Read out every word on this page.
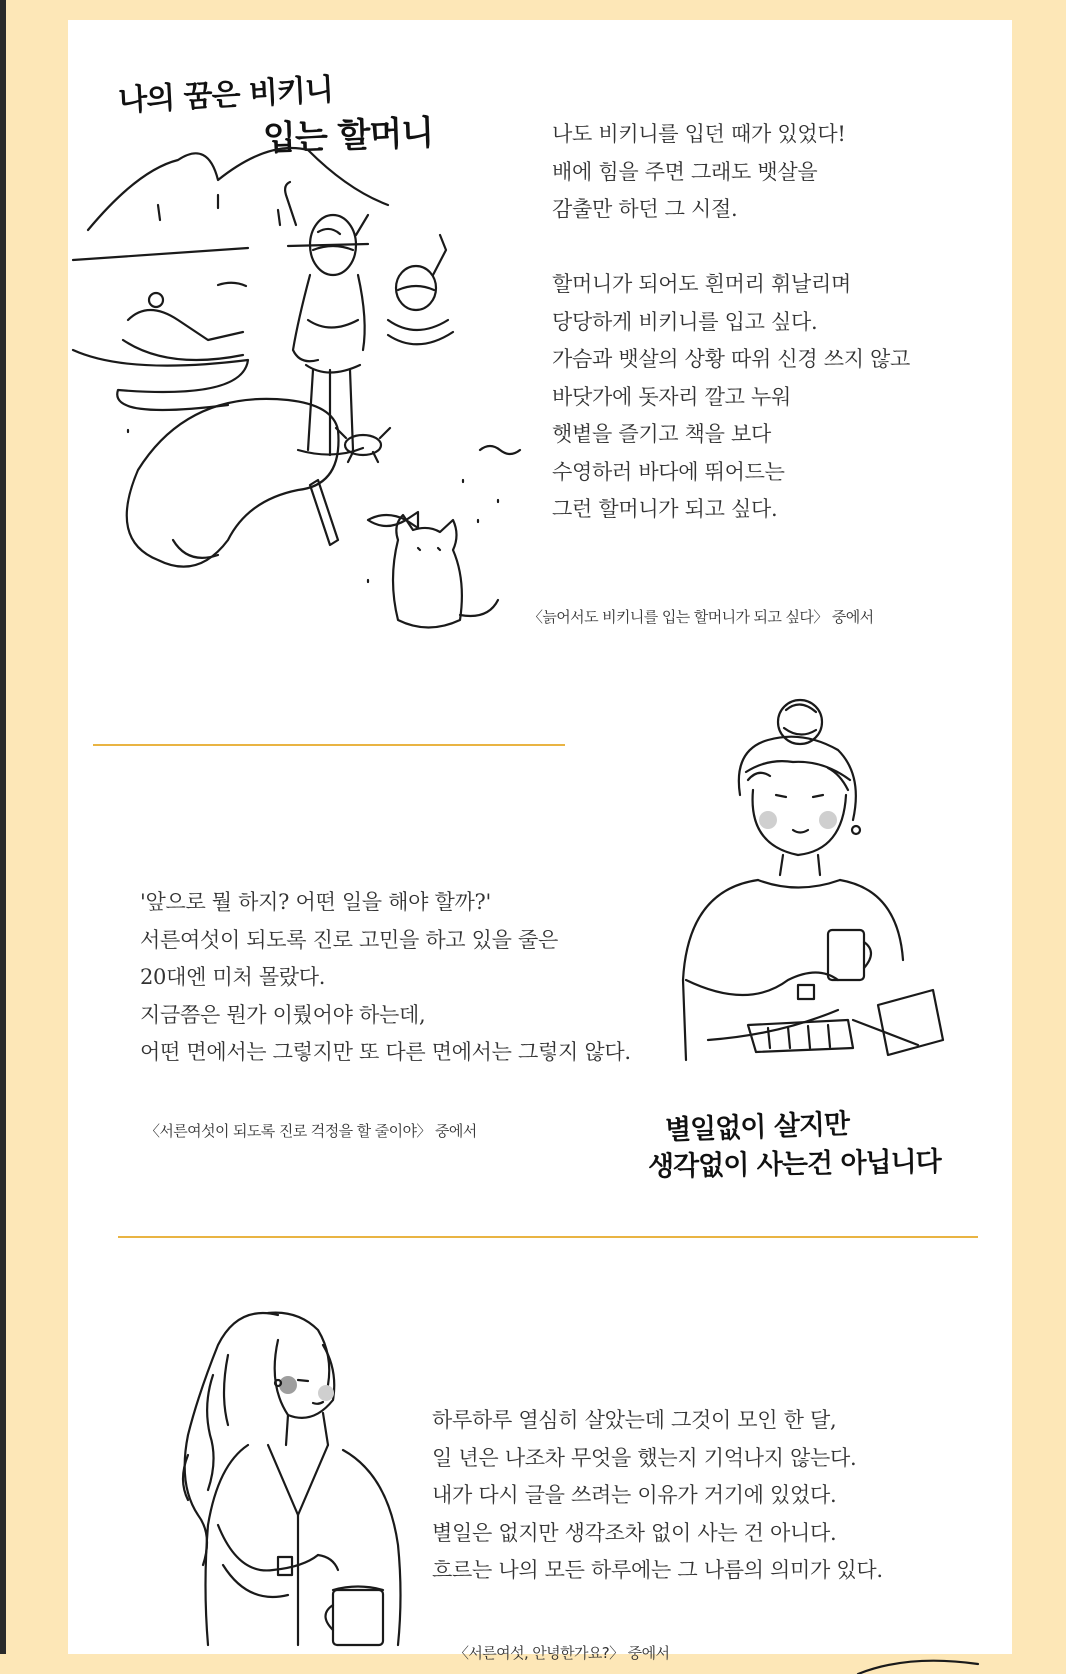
나의 꿈은 비키니
입는 할머니	나도 비키니를 입던 때가 있었다!
배에 힘을 주면 그래도 뱃살을
감출만 하던 그 시절.
할머니가 되어도 흰머리 휘날리며
당당하게 비키니를 입고 싶다.
가슴과 뱃살의 상황 따위 신경 쓰지 않고
바닷가에 돗자리 깔고 누워
햇볕을 즐기고 책을 보다
수영하러 바다에 뛰어드는
그런 할머니가 되고 싶다.
〈늙어서도 비키니를 입는 할머니가 되고 싶다〉 중에서
'앞으로 뭘 하지? 어떤 일을 해야 할까?'
서른여섯이 되도록 진로 고민을 하고 있을 줄은
20대엔 미처 몰랐다.
지금쯤은 뭔가 이뤘어야 하는데,
어떤 면에서는 그렇지만 또 다른 면에서는 그렇지 않다.
〈서른여섯이 되도록 진로 걱정을 할 줄이야〉 중에서	별일없이 살지만
생각없이 사는건 아닙니다
하루하루 열심히 살았는데 그것이 모인 한 달,
일 년은 나조차 무엇을 했는지 기억나지 않는다.
내가 다시 글을 쓰려는 이유가 거기에 있었다.
별일은 없지만 생각조차 없이 사는 건 아니다.
흐르는 나의 모든 하루에는 그 나름의 의미가 있다.
〈서른여섯, 안녕한가요?〉 중에서
